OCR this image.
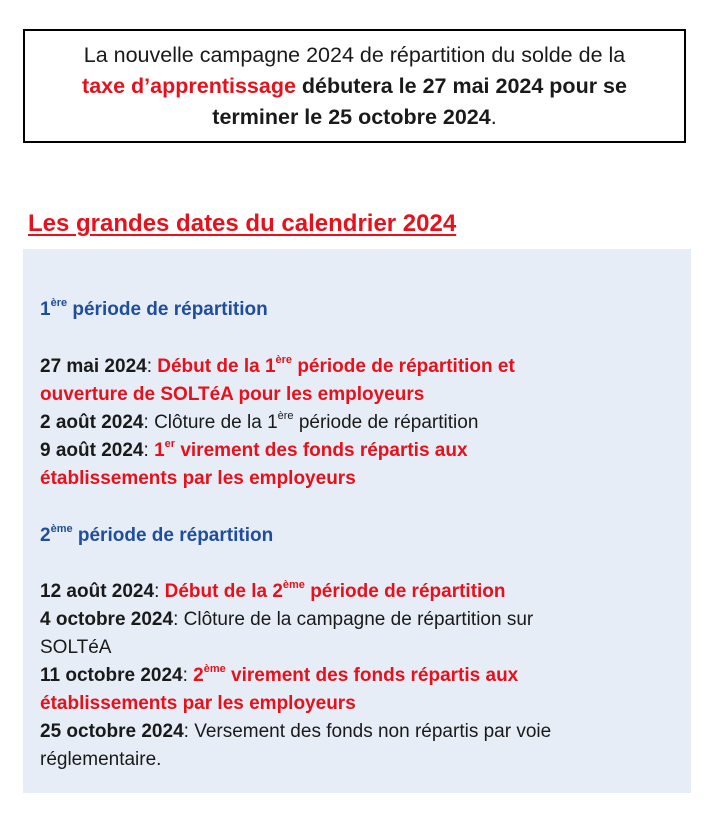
La nouvelle campagne 2024 de répartition du solde de la
taxe d’apprentissage débutera le 27 mai 2024 pour se
terminer le 25 octobre 2024.
Les grandes dates du calendrier 2024
1ère période de répartition
27 mai 2024: Début de la 1ère période de répartition et
ouverture de SOLTéA pour les employeurs
2 août 2024: Clôture de la 1ère période de répartition
9 août 2024: 1er virement des fonds répartis aux
établissements par les employeurs
2ème période de répartition
12 août 2024: Début de la 2ème période de répartition
4 octobre 2024: Clôture de la campagne de répartition sur
SOLTéA
11 octobre 2024: 2ème virement des fonds répartis aux
établissements par les employeurs
25 octobre 2024: Versement des fonds non répartis par voie
réglementaire.
